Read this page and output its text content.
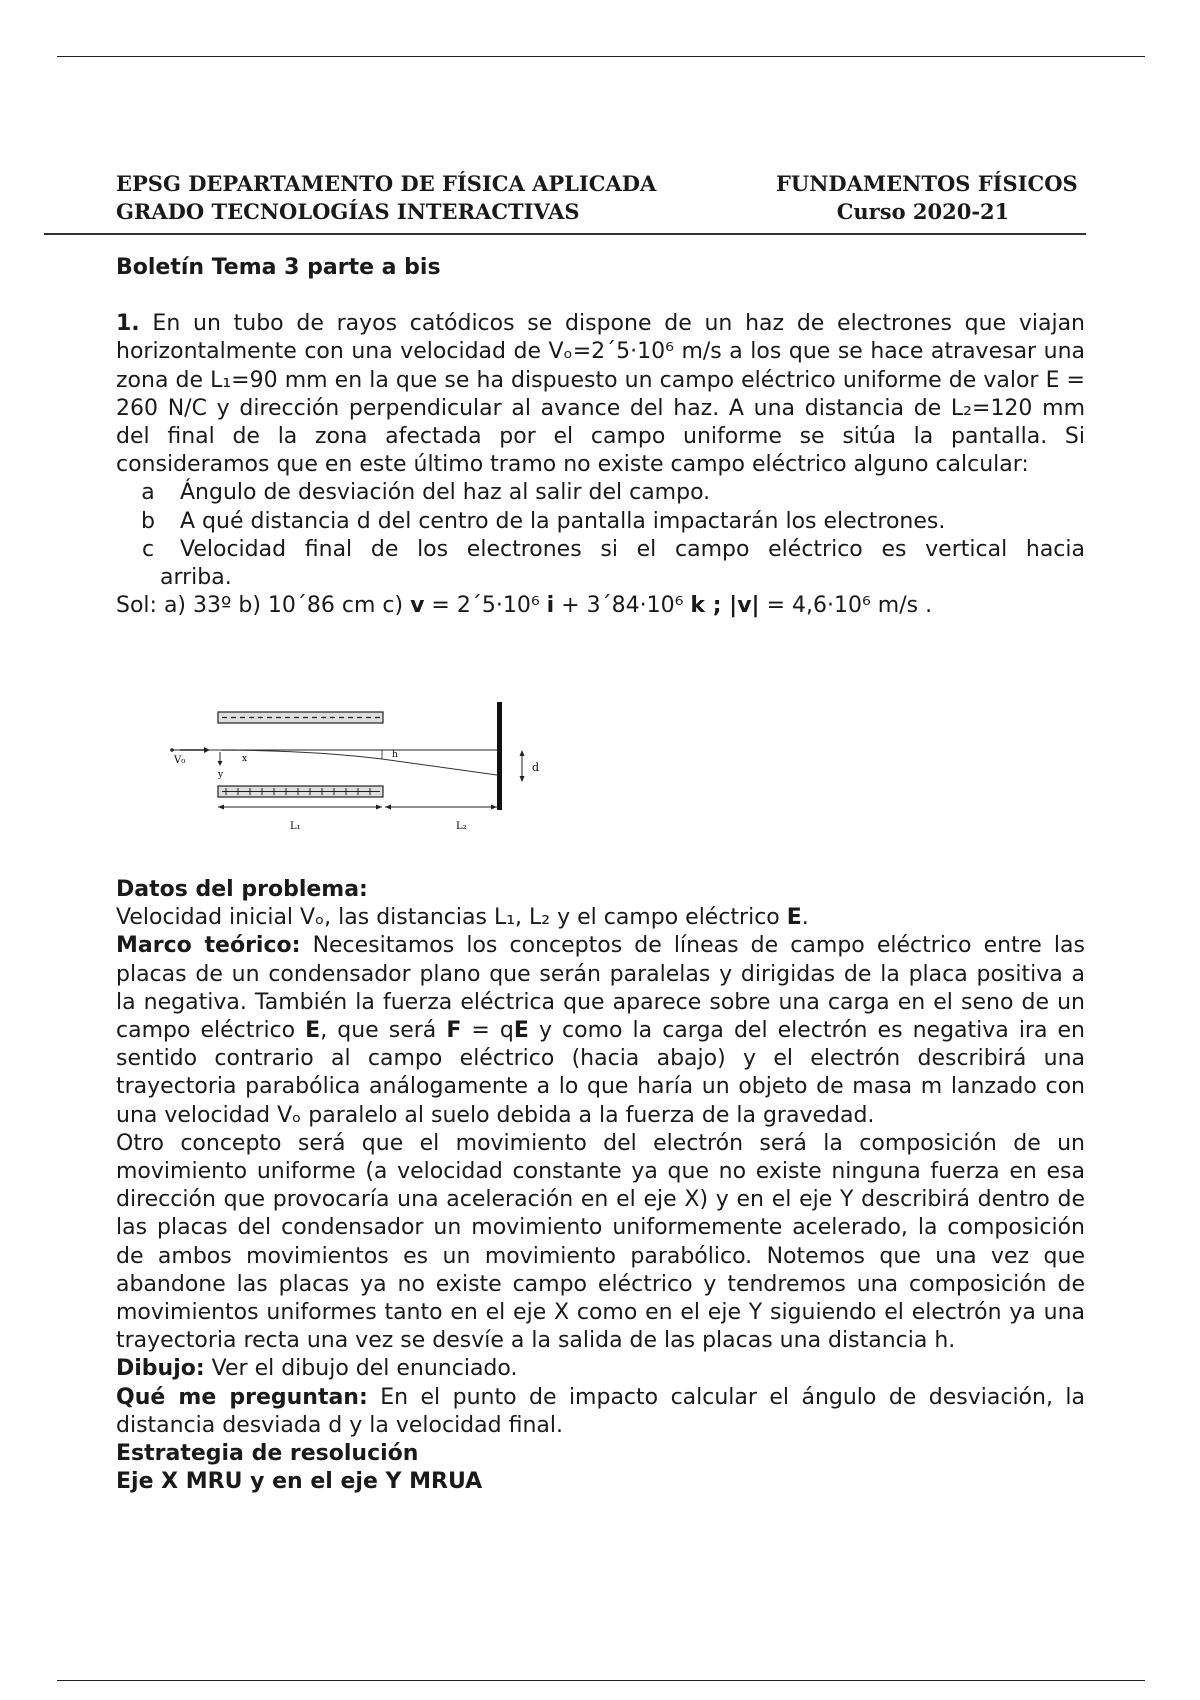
EPSG DEPARTAMENTO DE FÍSICA APLICADA
GRADO TECNOLOGÍAS INTERACTIVAS
FUNDAMENTOS FÍSICOS
Curso 2020-21

Boletín Tema 3 parte a bis

1. En un tubo de rayos catódicos se dispone de un haz de electrones que viajan horizontalmente con una velocidad de Vₒ=2´5·10⁶ m/s a los que se hace atravesar una zona de L₁=90 mm en la que se ha dispuesto un campo eléctrico uniforme de valor E = 260 N/C y dirección perpendicular al avance del haz. A una distancia de L₂=120 mm del final de la zona afectada por el campo uniforme se sitúa la pantalla. Si consideramos que en este último tramo no existe campo eléctrico alguno calcular:

a	Ángulo de desviación del haz al salir del campo.
b	A qué distancia d del centro de la pantalla impactarán los electrones.
c	Velocidad final de los electrones si el campo eléctrico es vertical hacia
arriba.

Sol: a) 33º b) 10´86 cm c) v = 2´5·10⁶ i + 3´84·10⁶ k ; |v| = 4,6·10⁶ m/s .

V₀
y
x	h
d
L₁	L₂

Datos del problema:

Velocidad inicial Vₒ, las distancias L₁, L₂ y el campo eléctrico E.

Marco teórico: Necesitamos los conceptos de líneas de campo eléctrico entre las placas de un condensador plano que serán paralelas y dirigidas de la placa positiva a la negativa. También la fuerza eléctrica que aparece sobre una carga en el seno de un campo eléctrico E, que será F = qE y como la carga del electrón es negativa ira en sentido contrario al campo eléctrico (hacia abajo) y el electrón describirá una trayectoria parabólica análogamente a lo que haría un objeto de masa m lanzado con una velocidad Vₒ paralelo al suelo debida a la fuerza de la gravedad.

Otro concepto será que el movimiento del electrón será la composición de un movimiento uniforme (a velocidad constante ya que no existe ninguna fuerza en esa dirección que provocaría una aceleración en el eje X) y en el eje Y describirá dentro de las placas del condensador un movimiento uniformemente acelerado, la composición de ambos movimientos es un movimiento parabólico. Notemos que una vez que abandone las placas ya no existe campo eléctrico y tendremos una composición de movimientos uniformes tanto en el eje X como en el eje Y siguiendo el electrón ya una trayectoria recta una vez se desvíe a la salida de las placas una distancia h.

Dibujo: Ver el dibujo del enunciado.

Qué me preguntan: En el punto de impacto calcular el ángulo de desviación, la distancia desviada d y la velocidad final.

Estrategia de resolución

Eje X MRU y en el eje Y MRUA
